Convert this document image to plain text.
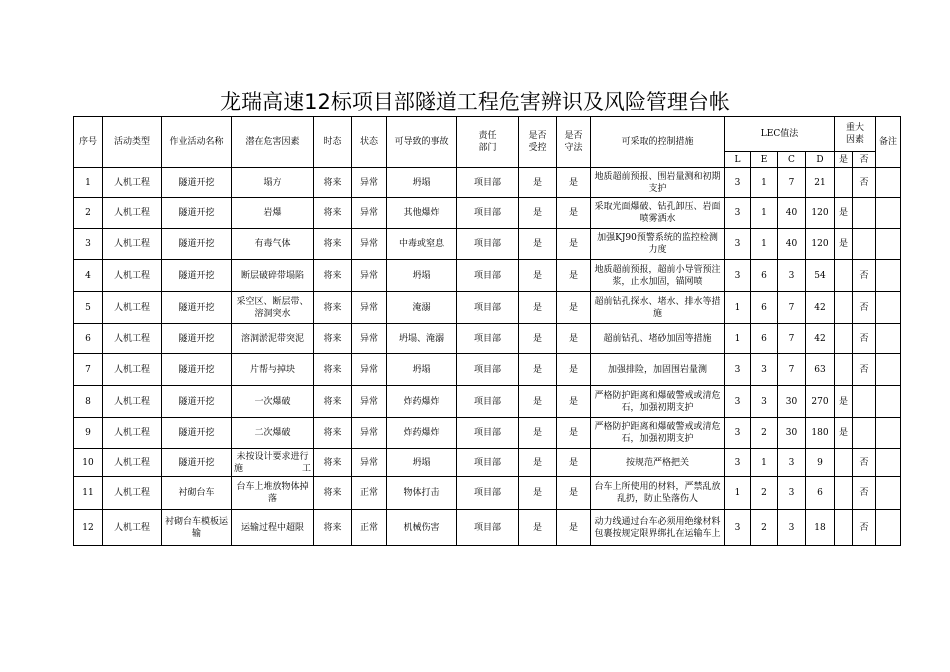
龙瑞高速12标项目部隧道工程危害辨识及风险管理台帐
序号	活动类型	作业活动名称	潜在危害因素	时态	状态	可导致的事故	责任部门	是否受控	是否守法	可采取的控制措施	LEC值法				重大因素		备注
											L	E	C	D	是	否	
1	人机工程	隧道开挖	塌方	将来	异常	坍塌	项目部	是	是	地质超前预报、围岩量测和初期支护	3	1	7	21		否	
2	人机工程	隧道开挖	岩爆	将来	异常	其他爆炸	项目部	是	是	采取光面爆破、钻孔卸压、岩面喷雾洒水	3	1	40	120	是		
3	人机工程	隧道开挖	有毒气体	将来	异常	中毒或窒息	项目部	是	是	加强KJ90预警系统的监控检测力度	3	1	40	120	是		
4	人机工程	隧道开挖	断层破碎带塌陷	将来	异常	坍塌	项目部	是	是	地质超前预报，超前小导管预注浆，止水加固，锚网喷	3	6	3	54		否	
5	人机工程	隧道开挖	采空区、断层带、溶洞突水	将来	异常	淹溺	项目部	是	是	超前钻孔探水、堵水、排水等措施	1	6	7	42		否	
6	人机工程	隧道开挖	溶洞淤泥带突泥	将来	异常	坍塌、淹溺	项目部	是	是	超前钻孔、堵砂加固等措施	1	6	7	42		否	
7	人机工程	隧道开挖	片帮与掉块	将来	异常	坍塌	项目部	是	是	加强排险，加固围岩量测	3	3	7	63		否	
8	人机工程	隧道开挖	一次爆破	将来	异常	炸药爆炸	项目部	是	是	严格防护距离和爆破警戒或清危石，加强初期支护	3	3	30	270	是		
9	人机工程	隧道开挖	二次爆破	将来	异常	炸药爆炸	项目部	是	是	严格防护距离和爆破警戒或清危石，加强初期支护	3	2	30	180	是		
10	人机工程	隧道开挖	未按设计要求进行施工	将来	异常	坍塌	项目部	是	是	按规范严格把关	3	1	3	9		否	
11	人机工程	衬砌台车	台车上堆放物体掉落	将来	正常	物体打击	项目部	是	是	台车上所使用的材料，严禁乱放乱扔，防止坠落伤人	1	2	3	6		否	
12	人机工程	衬砌台车模板运输	运输过程中超限	将来	正常	机械伤害	项目部	是	是	动力线通过台车必须用绝缘材料包裹按规定限界绑扎在运输车上	3	2	3	18		否	
